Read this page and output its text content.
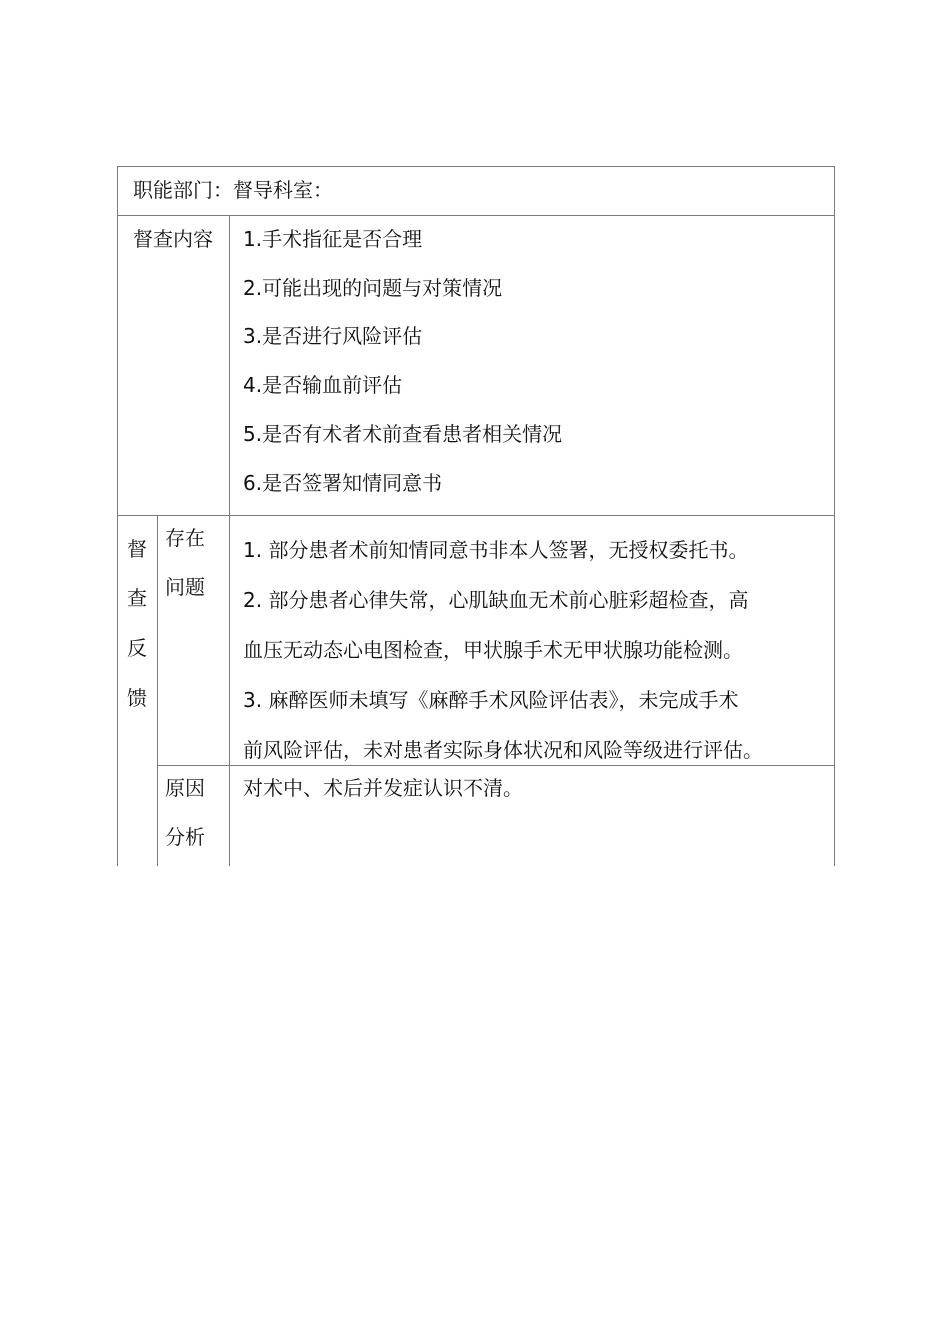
职能部门：督导科室：
督查内容 1.手术指征是否合理
2.可能出现的问题与对策情况
3.是否进行风险评估
4.是否输血前评估
5.是否有术者术前查看患者相关情况
6.是否签署知情同意书
督
查
反
馈
存在
问题
1. 部分患者术前知情同意书非本人签署，无授权委托书。
2. 部分患者心律失常，心肌缺血无术前心脏彩超检查，高
血压无动态心电图检查，甲状腺手术无甲状腺功能检测。
3. 麻醉医师未填写《麻醉手术风险评估表》，未完成手术
前风险评估，未对患者实际身体状况和风险等级进行评估。
原因
分析
对术中、术后并发症认识不清。
